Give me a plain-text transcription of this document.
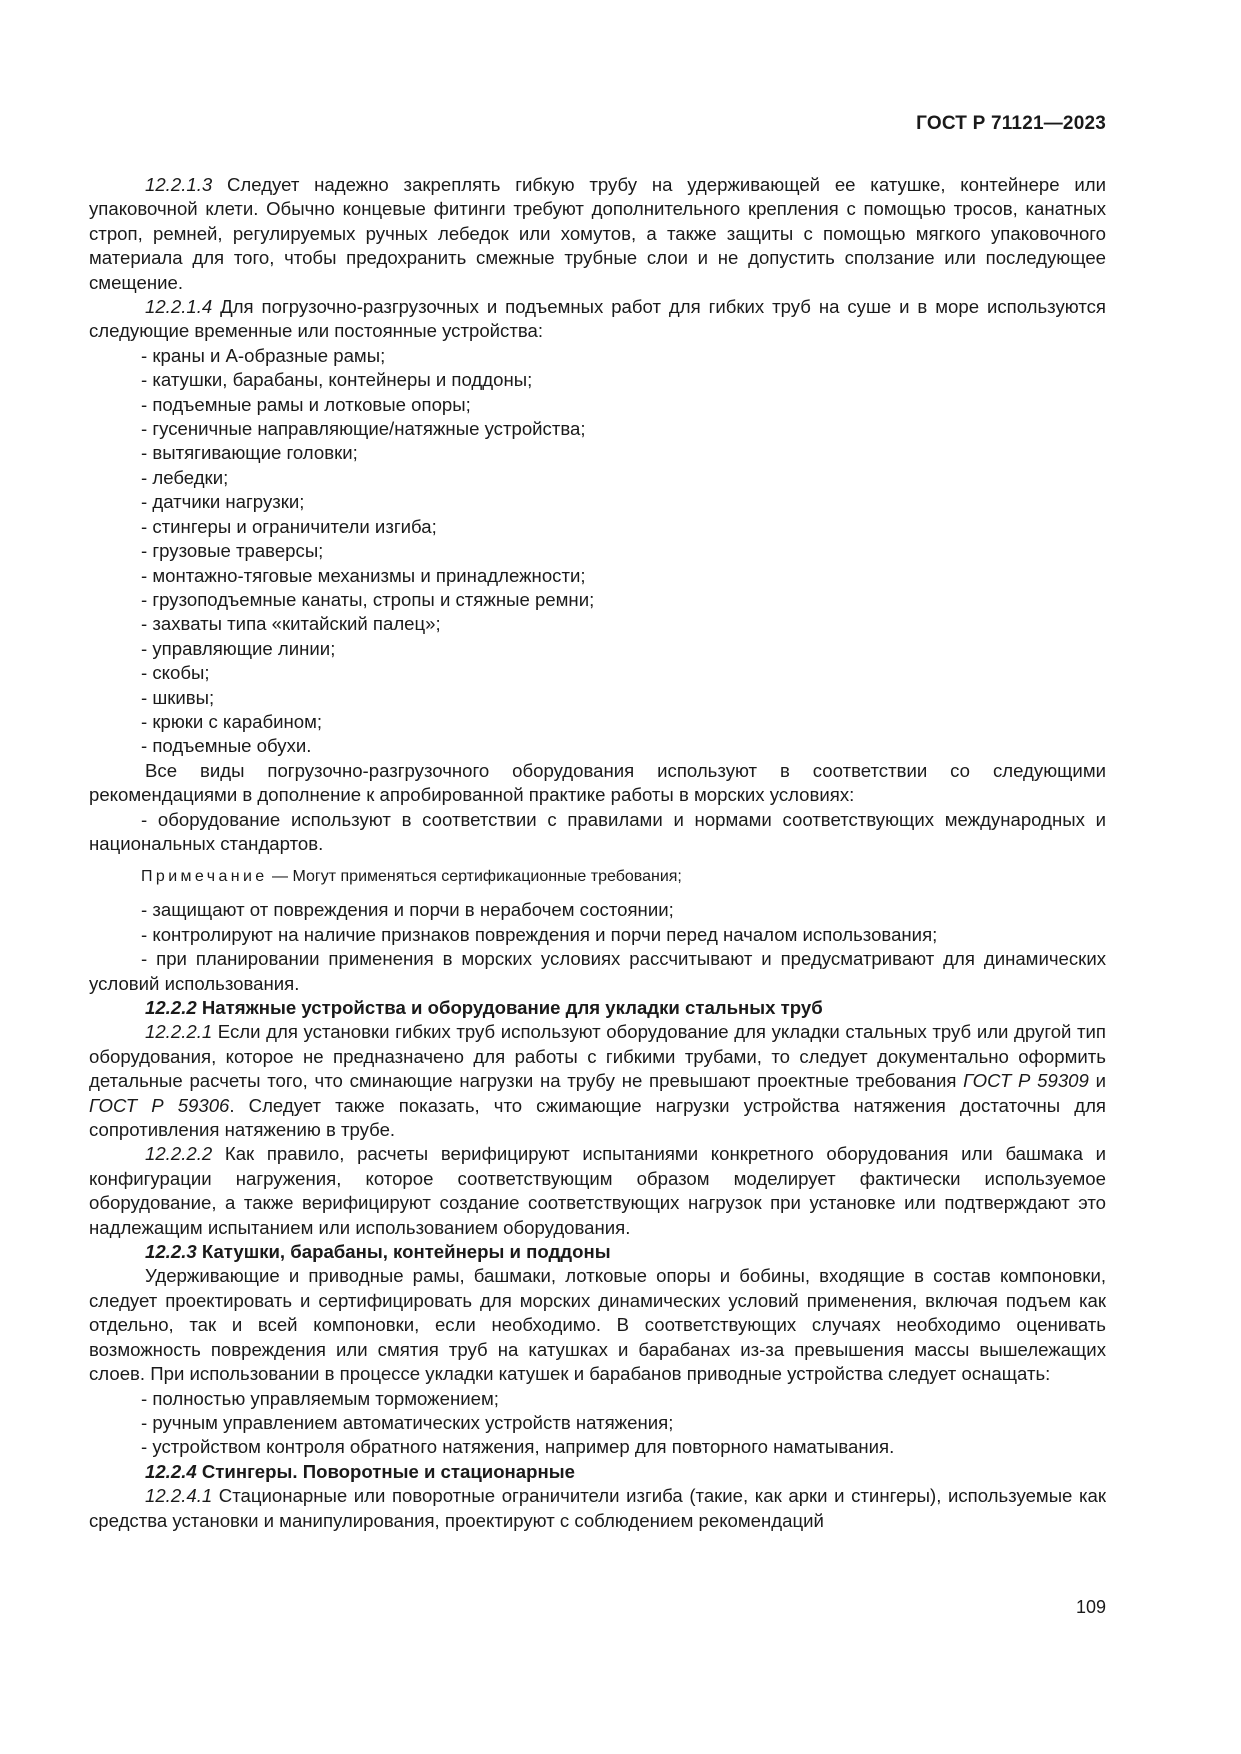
ГОСТ Р 71121—2023

12.2.1.3 Следует надежно закреплять гибкую трубу на удерживающей ее катушке, контейнере или упаковочной клети. Обычно концевые фитинги требуют дополнительного крепления с помощью тросов, канатных строп, ремней, регулируемых ручных лебедок или хомутов, а также защиты с помощью мягкого упаковочного материала для того, чтобы предохранить смежные трубные слои и не допустить сползание или последующее смещение.

12.2.1.4 Для погрузочно-разгрузочных и подъемных работ для гибких труб на суше и в море используются следующие временные или постоянные устройства:

- краны и А-образные рамы;

- катушки, барабаны, контейнеры и поддоны;

- подъемные рамы и лотковые опоры;

- гусеничные направляющие/натяжные устройства;

- вытягивающие головки;

- лебедки;

- датчики нагрузки;

- стингеры и ограничители изгиба;

- грузовые траверсы;

- монтажно-тяговые механизмы и принадлежности;

- грузоподъемные канаты, стропы и стяжные ремни;

- захваты типа «китайский палец»;

- управляющие линии;

- скобы;

- шкивы;

- крюки с карабином;

- подъемные обухи.

Все виды погрузочно-разгрузочного оборудования используют в соответствии со следующими рекомендациями в дополнение к апробированной практике работы в морских условиях:

- оборудование используют в соответствии с правилами и нормами соответствующих международных и национальных стандартов.

Примечание — Могут применяться сертификационные требования;

- защищают от повреждения и порчи в нерабочем состоянии;

- контролируют на наличие признаков повреждения и порчи перед началом использования;

- при планировании применения в морских условиях рассчитывают и предусматривают для динамических условий использования.

12.2.2 Натяжные устройства и оборудование для укладки стальных труб

12.2.2.1 Если для установки гибких труб используют оборудование для укладки стальных труб или другой тип оборудования, которое не предназначено для работы с гибкими трубами, то следует документально оформить детальные расчеты того, что сминающие нагрузки на трубу не превышают проектные требования ГОСТ Р 59309 и ГОСТ Р 59306. Следует также показать, что сжимающие нагрузки устройства натяжения достаточны для сопротивления натяжению в трубе.

12.2.2.2 Как правило, расчеты верифицируют испытаниями конкретного оборудования или башмака и конфигурации нагружения, которое соответствующим образом моделирует фактически используемое оборудование, а также верифицируют создание соответствующих нагрузок при установке или подтверждают это надлежащим испытанием или использованием оборудования.

12.2.3 Катушки, барабаны, контейнеры и поддоны

Удерживающие и приводные рамы, башмаки, лотковые опоры и бобины, входящие в состав компоновки, следует проектировать и сертифицировать для морских динамических условий применения, включая подъем как отдельно, так и всей компоновки, если необходимо. В соответствующих случаях необходимо оценивать возможность повреждения или смятия труб на катушках и барабанах из-за превышения массы вышележащих слоев. При использовании в процессе укладки катушек и барабанов приводные устройства следует оснащать:

- полностью управляемым торможением;

- ручным управлением автоматических устройств натяжения;

- устройством контроля обратного натяжения, например для повторного наматывания.

12.2.4 Стингеры. Поворотные и стационарные

12.2.4.1 Стационарные или поворотные ограничители изгиба (такие, как арки и стингеры), используемые как средства установки и манипулирования, проектируют с соблюдением рекомендаций

109
